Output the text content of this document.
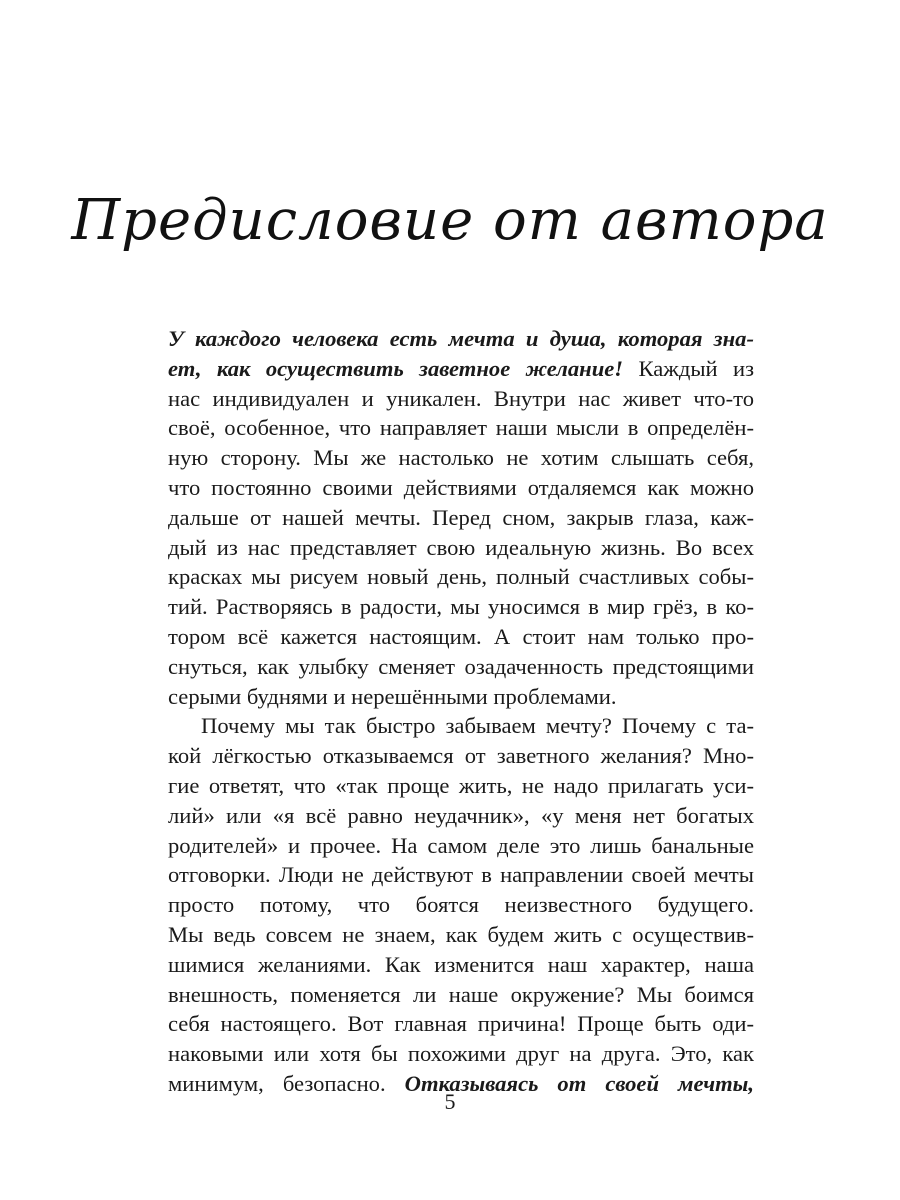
Предисловие от автора
У каждого человека есть мечта и душа, которая зна-
ет, как осуществить заветное желание! Каждый из
нас индивидуален и уникален. Внутри нас живет что-то
своё, особенное, что направляет наши мысли в определён-
ную сторону. Мы же настолько не хотим слышать себя,
что постоянно своими действиями отдаляемся как можно
дальше от нашей мечты. Перед сном, закрыв глаза, каж-
дый из нас представляет свою идеальную жизнь. Во всех
красках мы рисуем новый день, полный счастливых собы-
тий. Растворяясь в радости, мы уносимся в мир грёз, в ко-
тором всё кажется настоящим. А стоит нам только про-
снуться, как улыбку сменяет озадаченность предстоящими
серыми буднями и нерешёнными проблемами.
Почему мы так быстро забываем мечту? Почему с та-
кой лёгкостью отказываемся от заветного желания? Мно-
гие ответят, что «так проще жить, не надо прилагать уси-
лий» или «я всё равно неудачник», «у меня нет богатых
родителей» и прочее. На самом деле это лишь банальные
отговорки. Люди не действуют в направлении своей мечты
просто потому, что боятся неизвестного будущего.
Мы ведь совсем не знаем, как будем жить с осуществив-
шимися желаниями. Как изменится наш характер, наша
внешность, поменяется ли наше окружение? Мы боимся
себя настоящего. Вот главная причина! Проще быть оди-
наковыми или хотя бы похожими друг на друга. Это, как
минимум, безопасно. Отказываясь от своей мечты,
5
